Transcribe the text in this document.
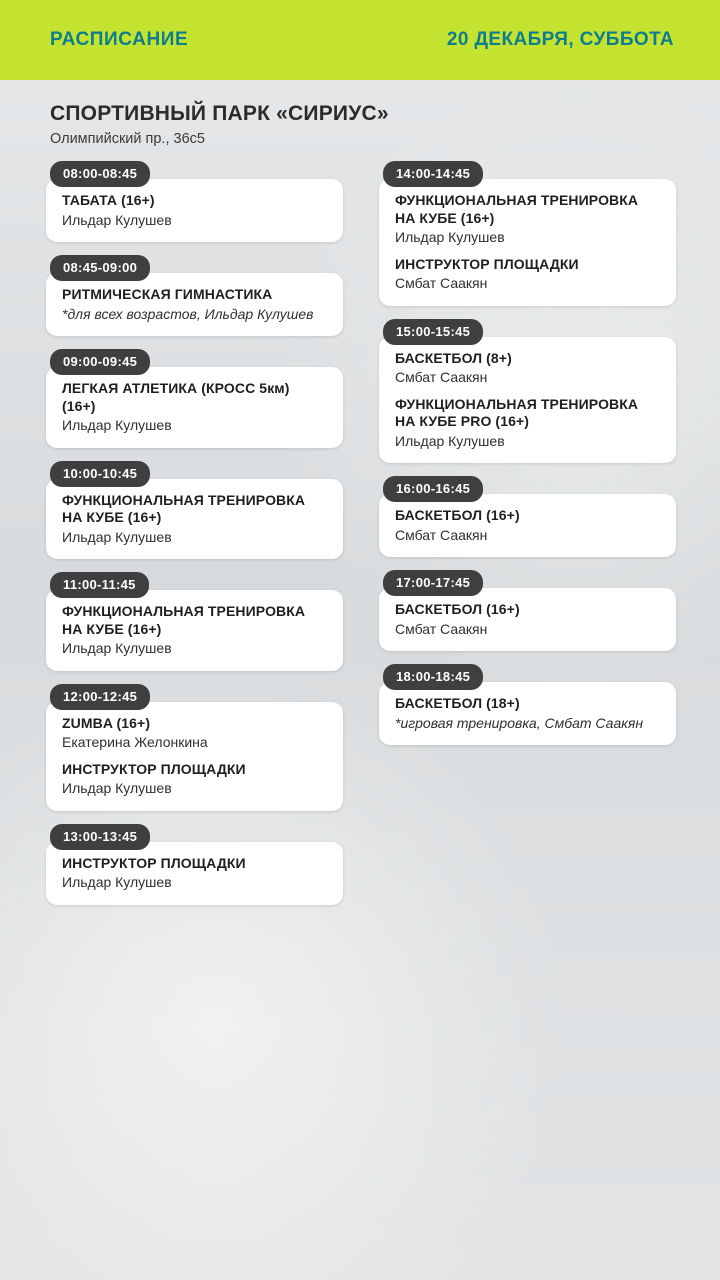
РАСПИСАНИЕ	20 ДЕКАБРЯ, СУББОТА
СПОРТИВНЫЙ ПАРК «СИРИУС»
Олимпийский пр., 36с5
08:00-08:45
ТАБАТА (16+)
Ильдар Кулушев
08:45-09:00
РИТМИЧЕСКАЯ ГИМНАСТИКА
*для всех возрастов, Ильдар Кулушев
09:00-09:45
ЛЕГКАЯ АТЛЕТИКА (КРОСС 5км) (16+)
Ильдар Кулушев
10:00-10:45
ФУНКЦИОНАЛЬНАЯ ТРЕНИРОВКА НА КУБЕ (16+)
Ильдар Кулушев
11:00-11:45
ФУНКЦИОНАЛЬНАЯ ТРЕНИРОВКА НА КУБЕ (16+)
Ильдар Кулушев
12:00-12:45
ZUMBA (16+)
Екатерина Желонкина
ИНСТРУКТОР ПЛОЩАДКИ
Ильдар Кулушев
13:00-13:45
ИНСТРУКТОР ПЛОЩАДКИ
Ильдар Кулушев
14:00-14:45
ФУНКЦИОНАЛЬНАЯ ТРЕНИРОВКА НА КУБЕ (16+)
Ильдар Кулушев
ИНСТРУКТОР ПЛОЩАДКИ
Смбат Саакян
15:00-15:45
БАСКЕТБОЛ (8+)
Смбат Саакян
ФУНКЦИОНАЛЬНАЯ ТРЕНИРОВКА НА КУБЕ PRO (16+)
Ильдар Кулушев
16:00-16:45
БАСКЕТБОЛ (16+)
Смбат Саакян
17:00-17:45
БАСКЕТБОЛ (16+)
Смбат Саакян
18:00-18:45
БАСКЕТБОЛ (18+)
*игровая тренировка, Смбат Саакян
